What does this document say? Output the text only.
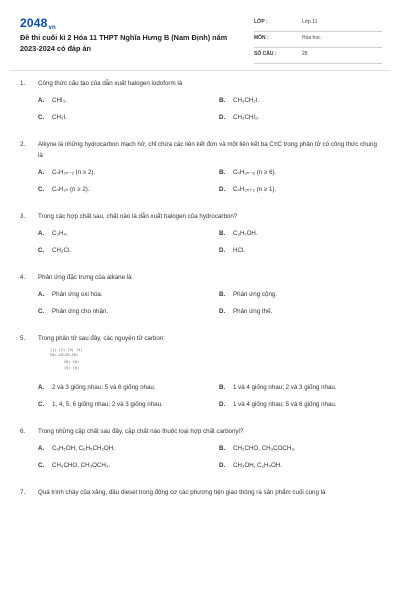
$2048_{vn}$
Đề thi cuối kì 2 Hóa 11 THPT Nghĩa Hưng B (Nam Định) năm 2023-2024 có đáp án
LỚP :	Lớp 11
MÔN :	Hóa học
SỐ CÂU :	28
1. Công thức cấu tạo của dẫn xuất halogen iodoform là
A. CHI₃.	B. CH₃CH₂I.
C. CH₃I.	D. CH₃CHI₂.
2. Alkyne là những hydrocarbon mạch hở, chỉ chứa các liên kết đơn và một liên kết ba C≡C trong phân tử có công thức chung là
A. CₙH₂ₙ₋₂ (n ≥ 2).	B. CₙH₂ₙ₋₆ (n ≥ 6).
C. CₙH₂ₙ (n ≥ 2).	D. CₙH₂ₙ₊₂ (n ≥ 1).
3. Trong các hợp chất sau, chất nào là dẫn xuất halogen của hydrocarbon?
A. C₃H₄.	B. C₃H₇OH.
C. CH₃Cl.	D. HCl.
4. Phản ứng đặc trưng của alkane là
A. Phản ứng oxi hóa.	B. Phản ứng cộng.
C. Phản ứng cho nhận.	D. Phản ứng thế.
5. Trong phân tử sau đây, các nguyên tử carbon:
(1) (2) (3) (4)
CH₃—CH—CH—CH₃
CH₃ CH₃
(5) (6)
A. 2 và 3 giống nhau; 5 và 6 giống nhau.	B. 1 và 4 giống nhau; 2 và 3 giống nhau.
C. 1, 4, 5, 6 giống nhau; 2 và 3 giống nhau.	D. 1 và 4 giống nhau; 5 và 6 giống nhau.
6. Trong những cặp chất sau đây, cặp chất nào thuộc loại hợp chất carbonyl?
A. C₆H₅OH, C₆H₅CH₂OH.	B. CH₃CHO, CH₃COCH₃.
C. CH₃CHO, CH₃OCH₃.	D. CH₃OH, C₂H₅OH.
7. Quá trình cháy của xăng, dầu diesel trong động cơ các phương tiện giao thông ra sản phẩm cuối cùng là
